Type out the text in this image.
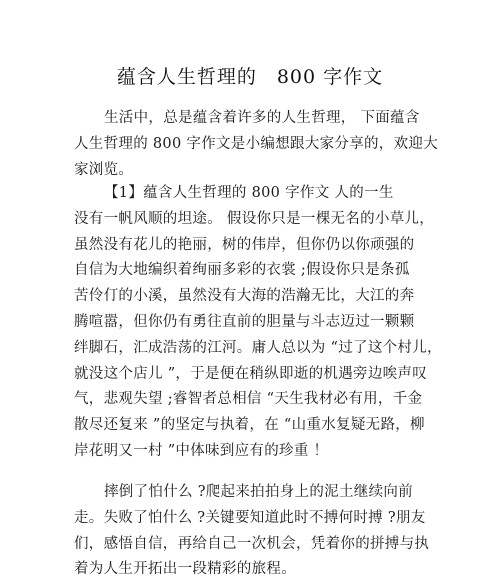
蕴含人生哲理的　800 字作文
生活中，总是蕴含着许多的人生哲理， 下面蕴含
人生哲理的 800 字作文是小编想跟大家分享的，欢迎大
家浏览。
【1】蕴含人生哲理的 800 字作文 人的一生
没有一帆风顺的坦途。 假设你只是一棵无名的小草儿，
虽然没有花儿的艳丽，树的伟岸，但你仍以你顽强的
自信为大地编织着绚丽多彩的衣裳 ;假设你只是条孤
苦伶仃的小溪，虽然没有大海的浩瀚无比，大江的奔
腾喧嚣，但你仍有勇往直前的胆量与斗志迈过一颗颗
绊脚石，汇成浩荡的江河。庸人总以为 “过了这个村儿，
就没这个店儿 ”，于是便在稍纵即逝的机遇旁边唉声叹
气，悲观失望 ;睿智者总相信 “天生我材必有用，千金
散尽还复来 ”的坚定与执着，在 “山重水复疑无路，柳
岸花明又一村 ”中体味到应有的珍重 ！
摔倒了怕什么 ?爬起来拍拍身上的泥土继续向前
走。失败了怕什么 ?关键要知道此时不搏何时搏 ?朋友
们，感悟自信，再给自己一次机会，凭着你的拼搏与执
着为人生开拓出一段精彩的旅程。
